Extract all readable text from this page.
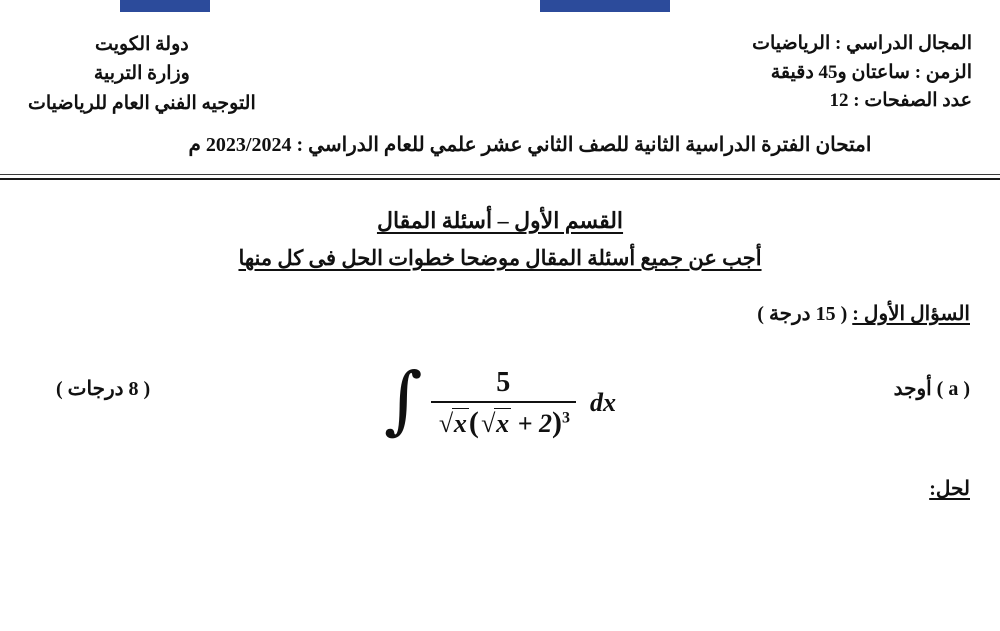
دولة الكويت
وزارة التربية
التوجيه الفني العام للرياضيات
المجال الدراسي : الرياضيات
الزمن : ساعتان و45 دقيقة
عدد الصفحات : 12
امتحان الفترة الدراسية الثانية للصف الثاني عشر علمي للعام الدراسي : 2023/2024 م
القسم الأول – أسئلة المقال
أجب عن جميع أسئلة المقال موضحا خطوات الحل فى كل منها
السؤال الأول : ( 15 درجة )
( a ) أوجد
( 8 درجات )	∫ $\frac{5}{√x(√x + 2)^3}$ dx
لحل:
